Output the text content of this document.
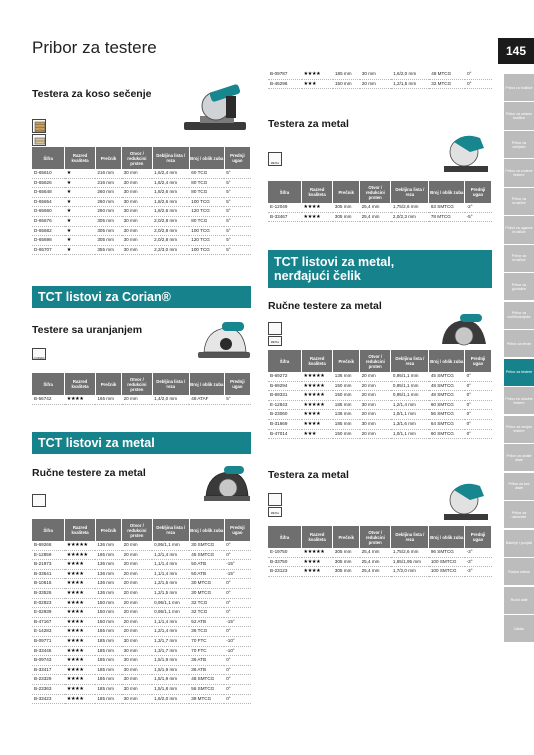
Pribor za testere	145
Testera za koso sečenje
Šifra	Razred kvaliteta	Prečnik	Otvor / redukcini prsten	Debljina lista / reza	Broj / oblik zuba	Prednji ugao
D-65610	★	216 mm	30 mm	1,6/2,4 mm	60 TCG	5°
D-65626	★	216 mm	30 mm	1,6/2,4 mm	80 TCG	5°
D-65648	★	260 mm	30 mm	1,8/2,6 mm	80 TCG	5°
D-65654	★	260 mm	30 mm	1,8/2,6 mm	100 TCG	5°
D-65660	★	260 mm	30 mm	1,8/2,6 mm	120 TCG	5°
D-65676	★	305 mm	30 mm	2,0/2,8 mm	80 TCG	5°
D-65682	★	305 mm	30 mm	2,0/2,8 mm	100 TCG	5°
D-65698	★	305 mm	30 mm	2,0/2,8 mm	120 TCG	5°
D-65707	★	355 mm	30 mm	2,2/3,0 mm	100 TCG	5°
TCT listovi za Corian®
Testere sa uranjanjem
CORIAN
Šifra	Razred kvaliteta	Prečnik	Otvor / redukcini prsten	Debljina lista / reza	Broj / oblik zuba	Prednji ugao
B-56742	★★★★	165 mm	20 mm	1,4/2,0 mm	48 ATAF	5°
TCT listovi za metal
Ručne testere za metal
Šifra	Razred kvaliteta	Prečnik	Otvor / redukcini prsten	Debljina lista / reza	Broj / oblik zuba	Prednji ugao
B-69266	★★★★★	136 mm	20 mm	0,95/1,1 mm	30 SMTCG	0°
E-12859	★★★★★	165 mm	20 mm	1,2/1,4 mm	45 SMTCG	0°
B-21973	★★★★	136 mm	20 mm	1,1/1,4 mm	50 ATB	-15°
B-33641	★★★★	136 mm	20 mm	1,1/1,4 mm	50 ATB	-15°
B-10615	★★★★	136 mm	20 mm	1,2/1,5 mm	30 MTCG	0°
B-33526	★★★★	136 mm	20 mm	1,2/1,5 mm	30 MTCG	0°
E-02923	★★★★	150 mm	20 mm	0,95/1,1 mm	32 TCG	0°
E-02939	★★★★	150 mm	20 mm	0,95/1,1 mm	32 TCG	0°
B-47167	★★★★	150 mm	20 mm	1,1/1,4 mm	52 ATB	-15°
E-14283	★★★★	165 mm	20 mm	1,2/1,4 mm	36 TCG	0°
B-09771	★★★★	185 mm	30 mm	1,3/1,7 mm	70 FTC	-10°
B-33445	★★★★	185 mm	30 mm	1,3/1,7 mm	70 FTC	-10°
B-09743	★★★★	185 mm	30 mm	1,5/1,9 mm	36 ATB	0°
B-33417	★★★★	185 mm	30 mm	1,5/1,9 mm	36 ATB	0°
B-23329	★★★★	185 mm	30 mm	1,5/1,9 mm	48 SMTCG	0°
B-23363	★★★★	185 mm	30 mm	1,5/1,8 mm	56 SMTCG	0°
B-33423	★★★★	185 mm	30 mm	1,6/2,0 mm	38 MTCG	0°
B-09787	★★★★	185 mm	30 mm	1,6/2,0 mm	48 MTCG	0°
B-46296	★★★	150 mm	20 mm	1,2/1,5 mm	32 MTCG	0°
Testera za metal
METAL
Šifra	Razred kvaliteta	Prečnik	Otvor / redukcini prsten	Debljina lista / reza	Broj / oblik zuba	Prednji ugao
E-12049	★★★★	305 mm	25,4 mm	1,75/2,6 mm	63 SMTCG	-2°
B-33467	★★★★	305 mm	25,4 mm	2,0/2,3 mm	78 MTCG	-5°
TCT listovi za metal,
nerđajući čelik
Ručne testere za metal
METAL
Šifra	Razred kvaliteta	Prečnik	Otvor / redukcini prsten	Debljina lista / reza	Broj / oblik zuba	Prednji ugao
B-69272	★★★★★	136 mm	20 mm	0,95/1,1 mm	45 SMTCG	0°
B-69294	★★★★★	150 mm	20 mm	0,95/1,1 mm	48 SMTCG	0°
B-69331	★★★★★	150 mm	20 mm	0,95/1,1 mm	48 SMTCG	0°
E-12843	★★★★★	185 mm	30 mm	1,2/1,4 mm	60 SMTCG	0°
B-23060	★★★★	136 mm	20 mm	1,0/1,1 mm	56 SMTCG	0°
B-31669	★★★★	185 mm	30 mm	1,3/1,6 mm	64 SMTCG	0°
B-47014	★★★	150 mm	20 mm	1,0/1,1 mm	60 SMTCG	0°
Testera za metal
METAL
Šifra	Razred kvaliteta	Prečnik	Otvor / redukcini prsten	Debljina lista / reza	Broj / oblik zuba	Prednji ugao
E-19750	★★★★★	305 mm	25,4 mm	1,75/2,6 mm	96 SMTCG	-3°
B-33750	★★★★	305 mm	25,4 mm	1,65/1,95 mm	100 SMTCG	-3°
B-23123	★★★★	305 mm	25,4 mm	1,7/2,0 mm	100 SMTCG	-3°
Pribor za bušilice
Pribor za udarne bušilice
Pribor za odvijače
Pribor za vodene testere
Pribor za brusilice
Pribor za ugaone brusilice
Pribor za brusilice
Pribor za glodalice
Pribor za multifunkcijske
Pribor za rende
Pribor za testere
Pribor za ubodne testere
Pribor za recipro testere
Pribor za ostale alate
Pribor za sve alate
Pribor za usisivače
Baterije i punjači
Radna odeća
Ručni alati
Ostalo
